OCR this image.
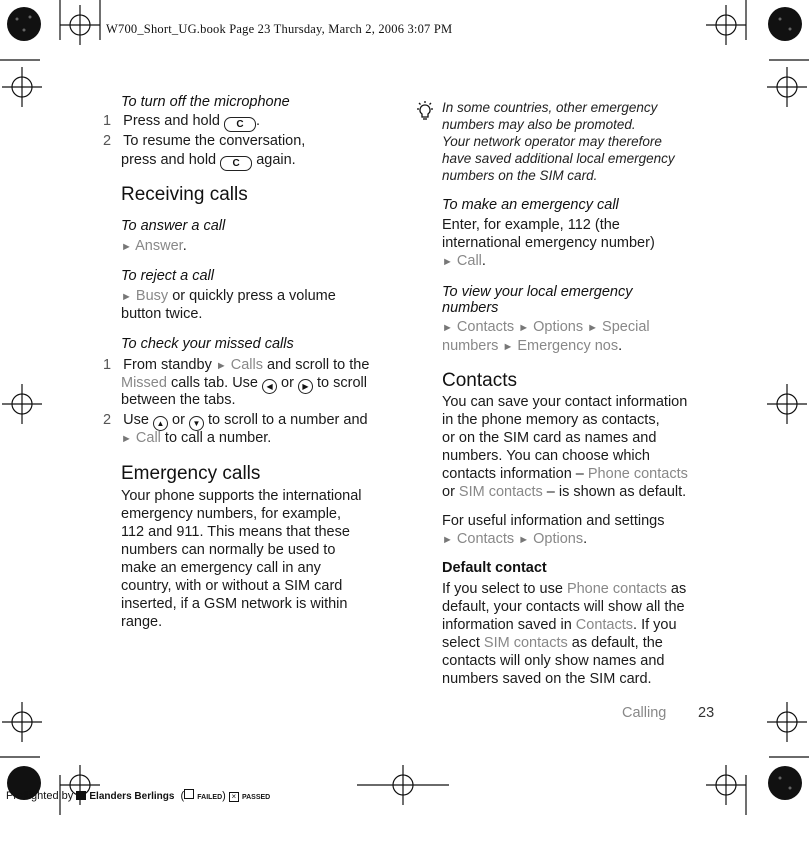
W700_Short_UG.book Page 23 Thursday, March 2, 2006 3:07 PM
To turn off the microphone
1 Press and hold C .
2 To resume the conversation,
press and hold C again.
Receiving calls
To answer a call
► Answer.
To reject a call
► Busy or quickly press a volume
button twice.
To check your missed calls
1 From standby ► Calls and scroll to the
Missed calls tab. Use ◀ or ▶ to scroll
between the tabs.
2 Use ▲ or ▼ to scroll to a number and
► Call to call a number.
Emergency calls
Your phone supports the international
emergency numbers, for example,
112 and 911. This means that these
numbers can normally be used to
make an emergency call in any
country, with or without a SIM card
inserted, if a GSM network is within
range.
In some countries, other emergency
numbers may also be promoted.
Your network operator may therefore
have saved additional local emergency
numbers on the SIM card.
To make an emergency call
Enter, for example, 112 (the
international emergency number)
► Call.
To view your local emergency
numbers
► Contacts ► Options ► Special
numbers ► Emergency nos.
Contacts
You can save your contact information
in the phone memory as contacts,
or on the SIM card as names and
numbers. You can choose which
contacts information – Phone contacts
or SIM contacts – is shown as default.
For useful information and settings
► Contacts ► Options.
Default contact
If you select to use Phone contacts as
default, your contacts will show all the
information saved in Contacts. If you
select SIM contacts as default, the
contacts will only show names and
numbers saved on the SIM card.
Calling 23
Preflighted by Elanders Berlings  ( FAILED) × PASSED
